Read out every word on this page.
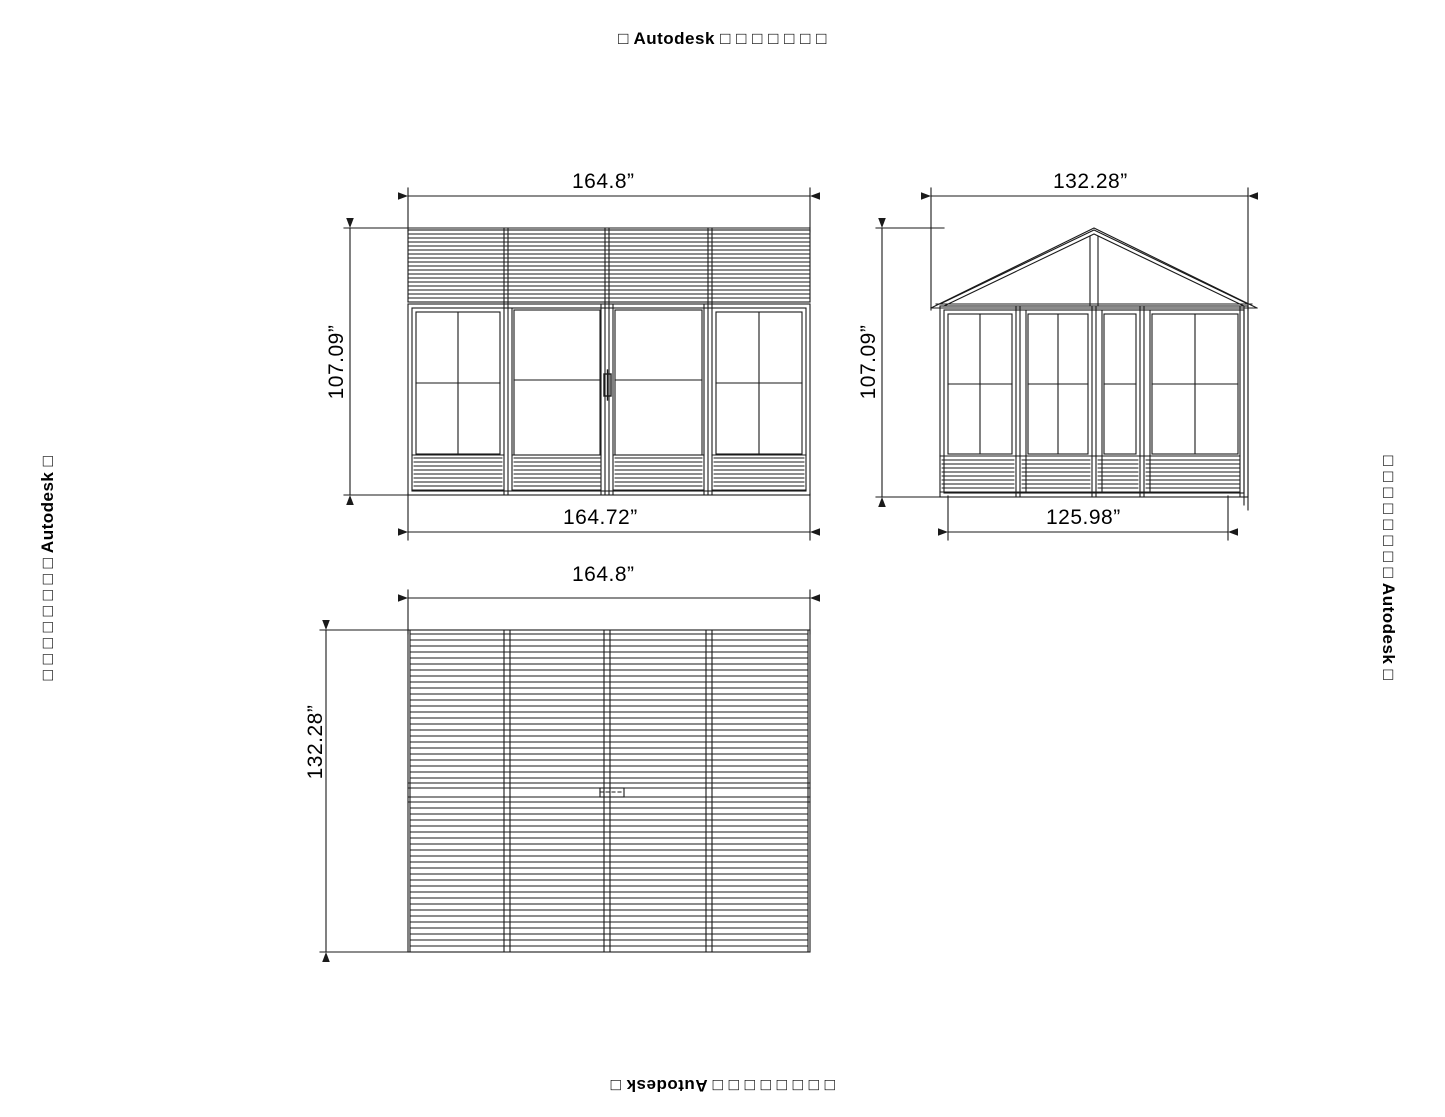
□ Autodesk □ □ □ □ □ □ □
□ □ □ □ □ □ □ □ Autodesk □
□ □ □ □ □ □ □ □ Autodesk □	□ □ □ □ □ □ □ □ Autodesk □
164.8”
164.72”
107.09”
132.28”
125.98”
107.09”
164.8”
132.28”
